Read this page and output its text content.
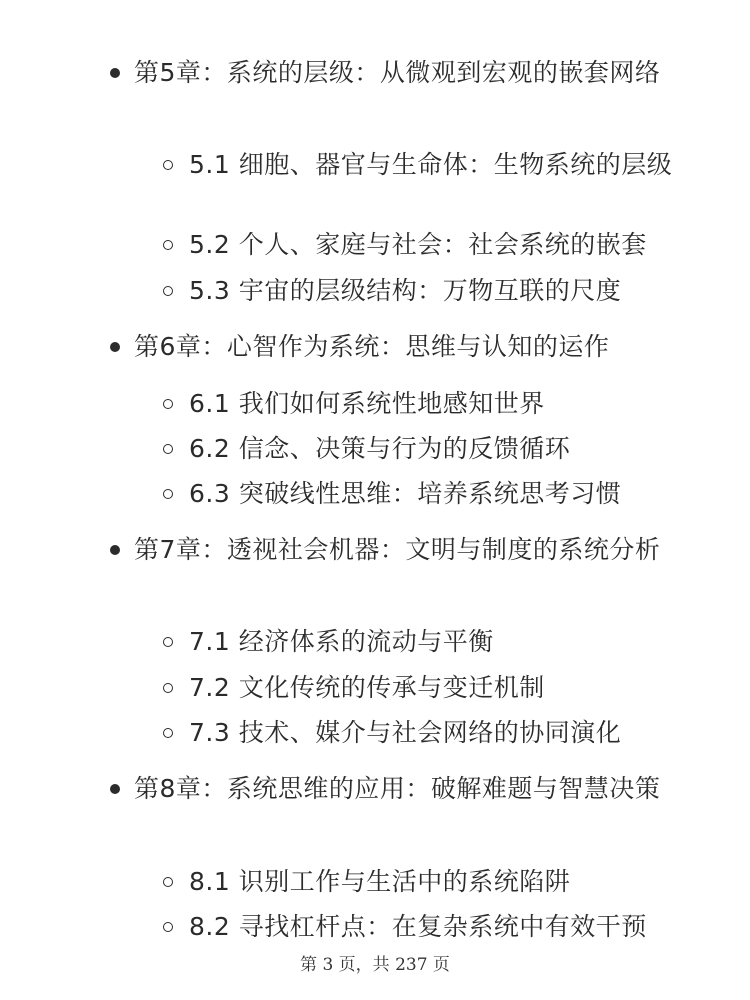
第5章：系统的层级：从微观到宏观的嵌套网络
5.1 细胞、器官与生命体：生物系统的层级
5.2 个人、家庭与社会：社会系统的嵌套
5.3 宇宙的层级结构：万物互联的尺度
第6章：心智作为系统：思维与认知的运作
6.1 我们如何系统性地感知世界
6.2 信念、决策与行为的反馈循环
6.3 突破线性思维：培养系统思考习惯
第7章：透视社会机器：文明与制度的系统分析
7.1 经济体系的流动与平衡
7.2 文化传统的传承与变迁机制
7.3 技术、媒介与社会网络的协同演化
第8章：系统思维的应用：破解难题与智慧决策
8.1 识别工作与生活中的系统陷阱
8.2 寻找杠杆点：在复杂系统中有效干预
第 3 页，共 237 页
